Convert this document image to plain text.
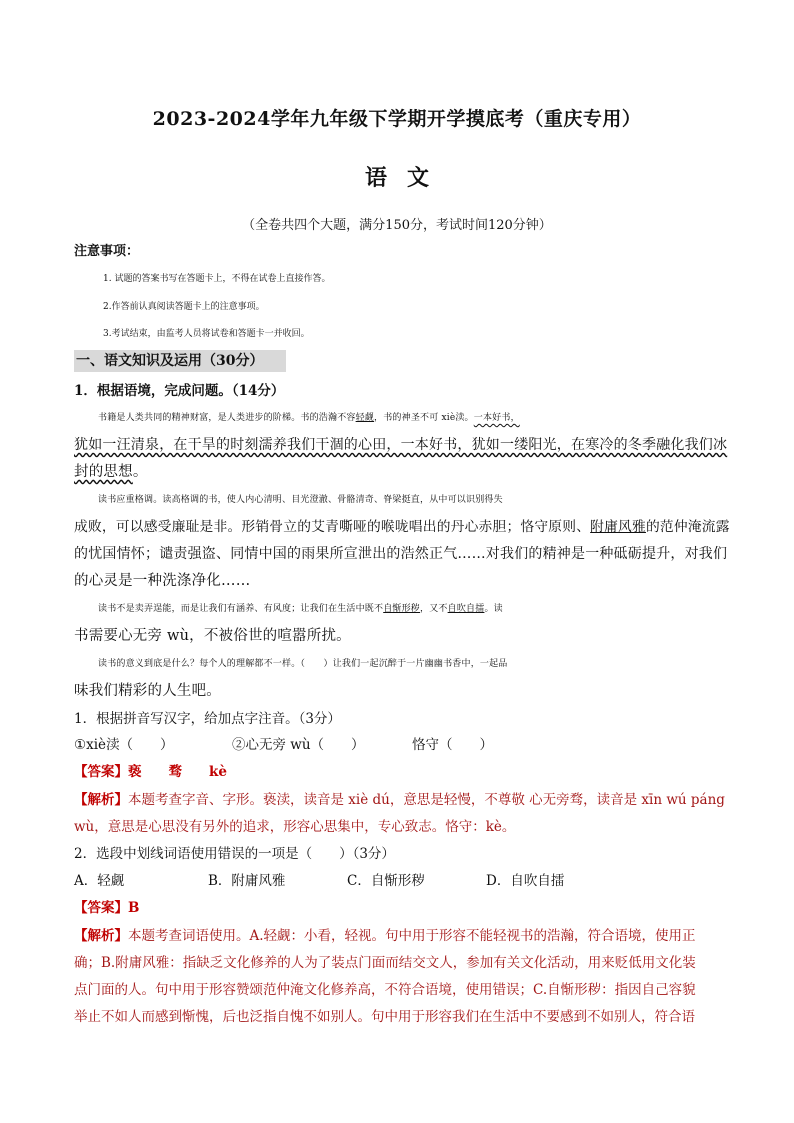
2023-2024学年九年级下学期开学摸底考（重庆专用）
语文
（全卷共四个大题，满分150分，考试时间120分钟）
注意事项：
1. 试题的答案书写在答题卡上，不得在试卷上直接作答。
2.作答前认真阅读答题卡上的注意事项。
3.考试结束，由监考人员将试卷和答题卡一并收回。
一、语文知识及运用（30分）
1．根据语境，完成问题。（14分）
书籍是人类共同的精神财富，是人类进步的阶梯。书的浩瀚不容轻觑，书的神圣不可 xiè渎。一本好书，
犹如一汪清泉，在干旱的时刻濡养我们干涸的心田，一本好书，犹如一缕阳光，在寒冷的冬季融化我们冰
封的思想。
读书应重格调。读高格调的书，使人内心清明、目光澄澈、骨骼清奇、脊梁挺直，从中可以识别得失
成败，可以感受廉耻是非。形销骨立的艾青嘶哑的喉咙唱出的丹心赤胆；恪守原则、附庸风雅的范仲淹流露
的忧国情怀；谴责强盗、同情中国的雨果所宣泄出的浩然正气……对我们的精神是一种砥砺提升，对我们
的心灵是一种洗涤净化……
读书不是卖弄逞能，而是让我们有涵养、有风度；让我们在生活中既不自惭形秽，又不自吹自擂。读
书需要心无旁 wù，不被俗世的喧嚣所扰。
读书的意义到底是什么？每个人的理解都不一样。（　　）让我们一起沉醉于一片幽幽书香中，一起品
味我们精彩的人生吧。
1．根据拼音写汉字，给加点字注音。（3分）
①xiè渎（　　）	②心无旁 wù（　　）	恪守（　　）
【答案】亵　　骛　　kè
【解析】本题考查字音、字形。亵渎，读音是 xiè dú，意思是轻慢，不尊敬 心无旁骛，读音是 xīn wú páng
wù，意思是心思没有另外的追求，形容心思集中，专心致志。恪守：kè。
2．选段中划线词语使用错误的一项是（　　）（3分）
A．轻觑	B．附庸风雅	C．自惭形秽	D．自吹自擂
【答案】B
【解析】本题考查词语使用。A.轻觑：小看，轻视。句中用于形容不能轻视书的浩瀚，符合语境，使用正
确；B.附庸风雅：指缺乏文化修养的人为了装点门面而结交文人，参加有关文化活动，用来贬低用文化装
点门面的人。句中用于形容赞颂范仲淹文化修养高，不符合语境，使用错误；C.自惭形秽：指因自己容貌
举止不如人而感到惭愧，后也泛指自愧不如别人。句中用于形容我们在生活中不要感到不如别人，符合语
